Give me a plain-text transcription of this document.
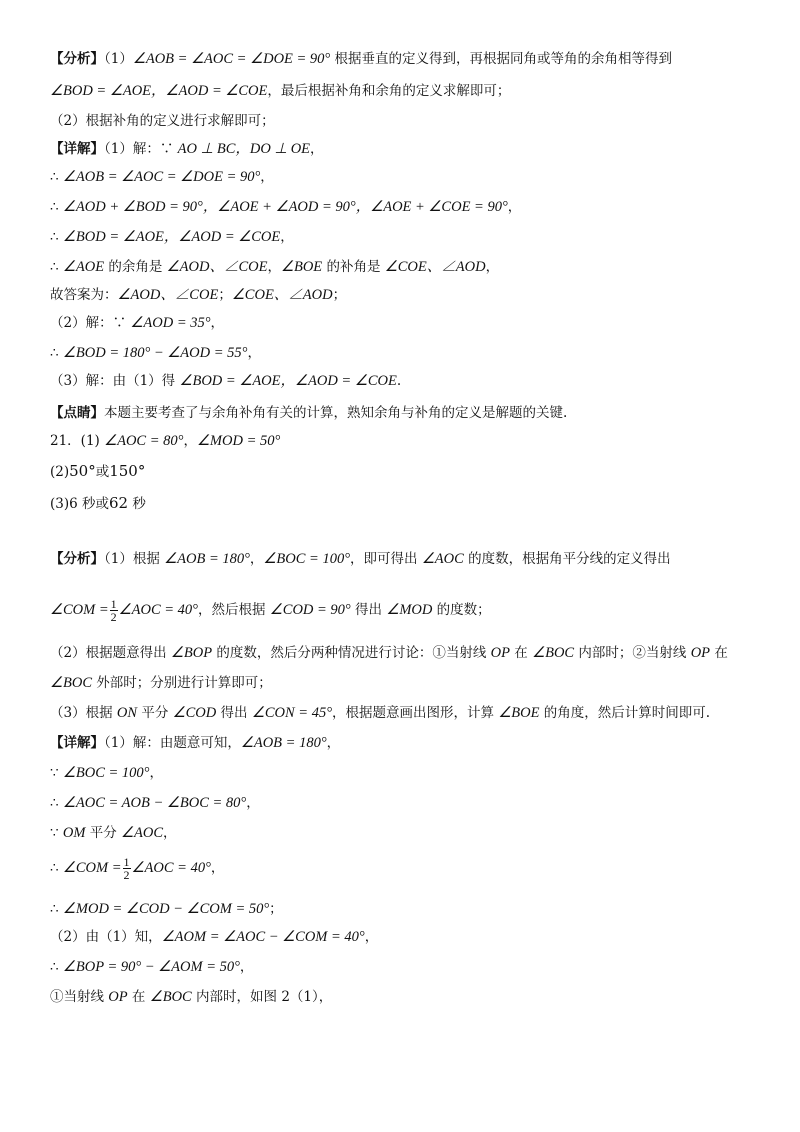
【分析】（1）∠AOB = ∠AOC = ∠DOE = 90° 根据垂直的定义得到，再根据同角或等角的余角相等得到
∠BOD = ∠AOE，∠AOD = ∠COE，最后根据补角和余角的定义求解即可；
（2）根据补角的定义进行求解即可；
【详解】（1）解：∵ AO ⊥ BC，DO ⊥ OE，
∴ ∠AOB = ∠AOC = ∠DOE = 90°，
∴ ∠AOD + ∠BOD = 90°，∠AOE + ∠AOD = 90°，∠AOE + ∠COE = 90°，
∴ ∠BOD = ∠AOE，∠AOD = ∠COE，
∴ ∠AOE 的余角是 ∠AOD、∠COE，∠BOE 的补角是 ∠COE、∠AOD，
故答案为：∠AOD、∠COE；∠COE、∠AOD；
（2）解：∵ ∠AOD = 35°，
∴ ∠BOD = 180° − ∠AOD = 55°，
（3）解：由（1）得 ∠BOD = ∠AOE，∠AOD = ∠COE.
【点睛】本题主要考查了与余角补角有关的计算，熟知余角与补角的定义是解题的关键.
21．(1) ∠AOC = 80°，∠MOD = 50°
(2)50°或150°
(3)6 秒或62 秒
【分析】（1）根据 ∠AOB = 180°，∠BOC = 100°，即可得出 ∠AOC 的度数，根据角平分线的定义得出
∠COM = $\frac{1}{2}$ ∠AOC = 40°，然后根据 ∠COD = 90° 得出 ∠MOD 的度数；
（2）根据题意得出 ∠BOP 的度数，然后分两种情况进行讨论：①当射线 OP 在 ∠BOC 内部时；②当射线 OP 在
∠BOC 外部时；分别进行计算即可；
（3）根据 ON 平分 ∠COD 得出 ∠CON = 45°，根据题意画出图形，计算 ∠BOE 的角度，然后计算时间即可.
【详解】（1）解：由题意可知，∠AOB = 180°，
∵ ∠BOC = 100°，
∴ ∠AOC = AOB − ∠BOC = 80°，
∵ OM 平分 ∠AOC，
∴ ∠COM = $\frac{1}{2}$ ∠AOC = 40°，
∴ ∠MOD = ∠COD − ∠COM = 50°；
（2）由（1）知，∠AOM = ∠AOC − ∠COM = 40°，
∴ ∠BOP = 90° − ∠AOM = 50°，
①当射线 OP 在 ∠BOC 内部时，如图 2（1），
